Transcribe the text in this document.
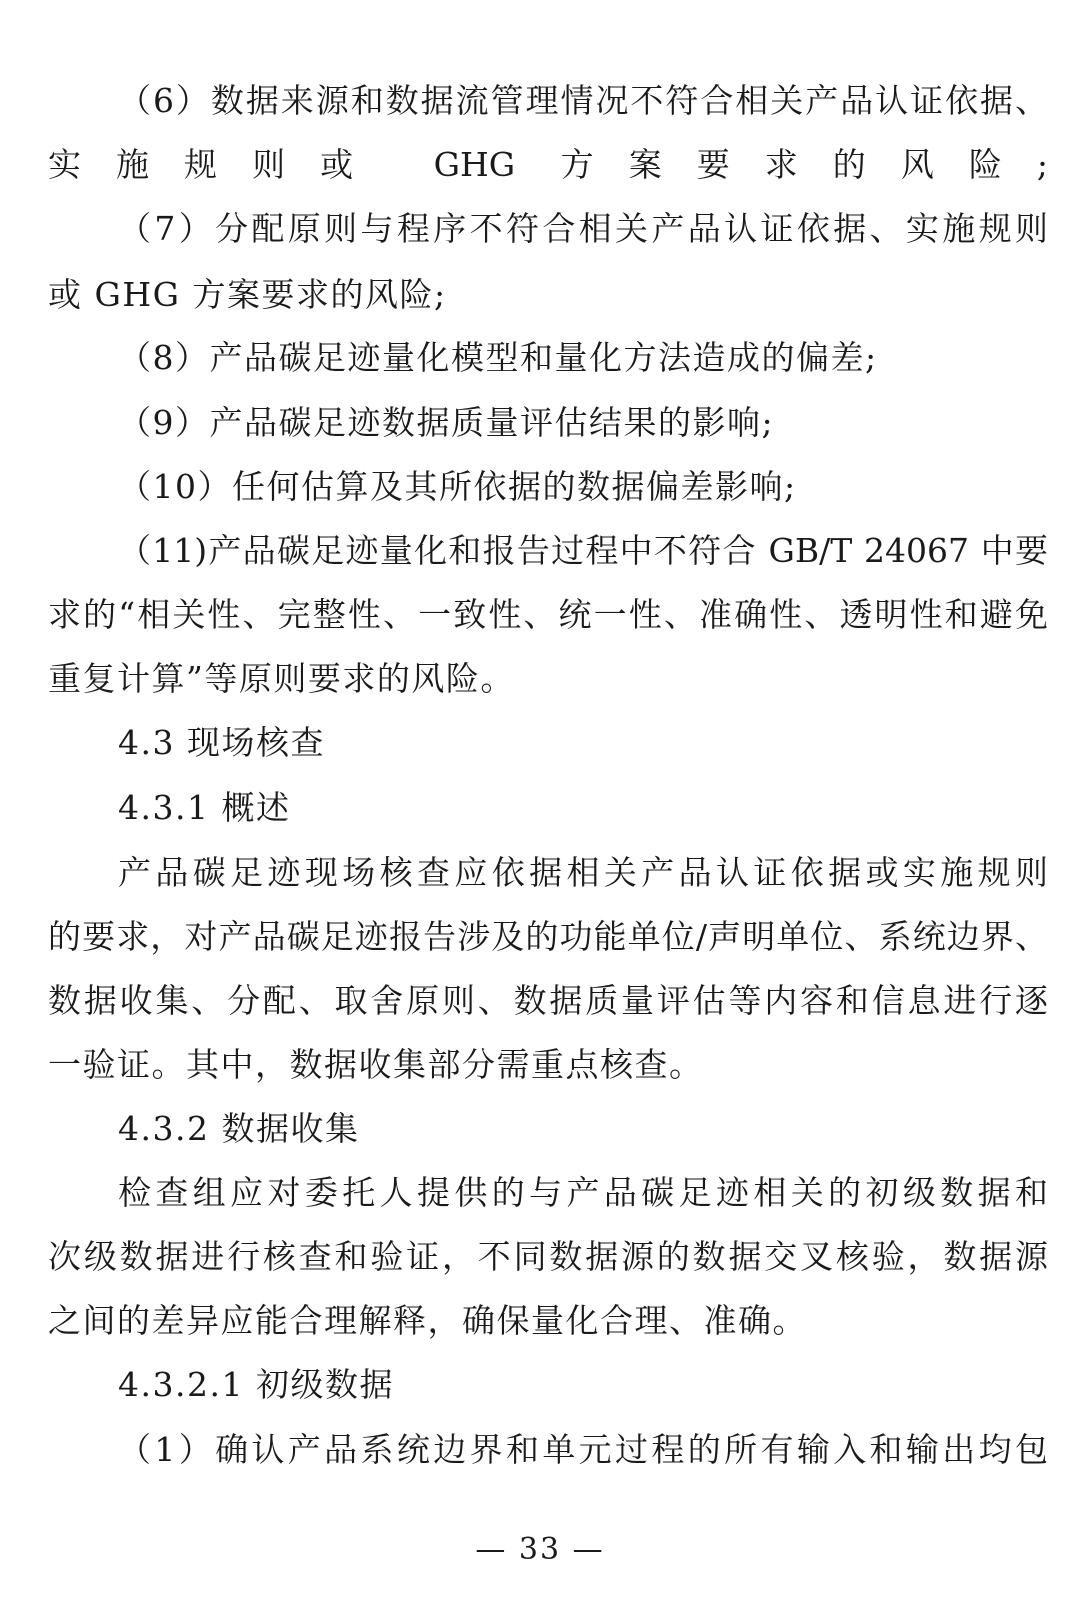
（6）数据来源和数据流管理情况不符合相关产品认证依据、
实施规则或 GHG 方案要求的风险;
（7）分配原则与程序不符合相关产品认证依据、实施规则
或 GHG 方案要求的风险;
（8）产品碳足迹量化模型和量化方法造成的偏差;
（9）产品碳足迹数据质量评估结果的影响;
（10）任何估算及其所依据的数据偏差影响;
（11)产品碳足迹量化和报告过程中不符合 GB/T 24067 中要
求的“相关性、完整性、一致性、统一性、准确性、透明性和避免
重复计算”等原则要求的风险。
4.3 现场核查
4.3.1 概述
产品碳足迹现场核查应依据相关产品认证依据或实施规则
的要求，对产品碳足迹报告涉及的功能单位/声明单位、系统边界、
数据收集、分配、取舍原则、数据质量评估等内容和信息进行逐
一验证。其中，数据收集部分需重点核查。
4.3.2 数据收集
检查组应对委托人提供的与产品碳足迹相关的初级数据和
次级数据进行核查和验证，不同数据源的数据交叉核验，数据源
之间的差异应能合理解释，确保量化合理、准确。
4.3.2.1 初级数据
（1）确认产品系统边界和单元过程的所有输入和输出均包
— 33 —
